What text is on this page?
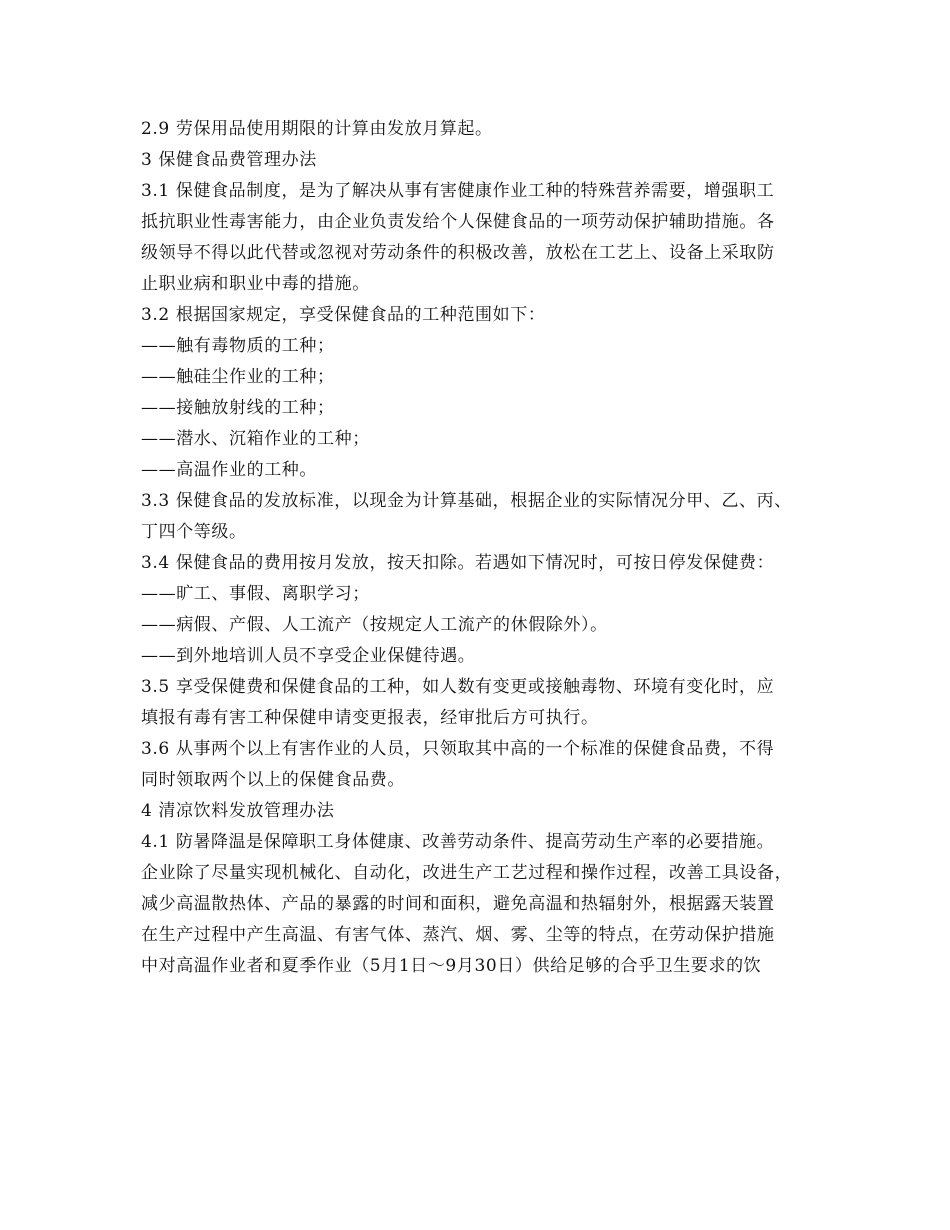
2.9 劳保用品使用期限的计算由发放月算起。
3 保健食品费管理办法
3.1 保健食品制度，是为了解决从事有害健康作业工种的特殊营养需要，增强职工
抵抗职业性毒害能力，由企业负责发给个人保健食品的一项劳动保护辅助措施。各
级领导不得以此代替或忽视对劳动条件的积极改善，放松在工艺上、设备上采取防
止职业病和职业中毒的措施。
3.2 根据国家规定，享受保健食品的工种范围如下：
——触有毒物质的工种；
——触硅尘作业的工种；
——接触放射线的工种；
——潜水、沉箱作业的工种；
——高温作业的工种。
3.3 保健食品的发放标准，以现金为计算基础，根据企业的实际情况分甲、乙、丙、
丁四个等级。
3.4 保健食品的费用按月发放，按天扣除。若遇如下情况时，可按日停发保健费：
——旷工、事假、离职学习；
——病假、产假、人工流产（按规定人工流产的休假除外）。
——到外地培训人员不享受企业保健待遇。
3.5 享受保健费和保健食品的工种，如人数有变更或接触毒物、环境有变化时，应
填报有毒有害工种保健申请变更报表，经审批后方可执行。
3.6 从事两个以上有害作业的人员，只领取其中高的一个标准的保健食品费，不得
同时领取两个以上的保健食品费。
4 清凉饮料发放管理办法
4.1 防暑降温是保障职工身体健康、改善劳动条件、提高劳动生产率的必要措施。
企业除了尽量实现机械化、自动化，改进生产工艺过程和操作过程，改善工具设备，
减少高温散热体、产品的暴露的时间和面积，避免高温和热辐射外，根据露天装置
在生产过程中产生高温、有害气体、蒸汽、烟、雾、尘等的特点，在劳动保护措施
中对高温作业者和夏季作业（5月1日～9月30日）供给足够的合乎卫生要求的饮
